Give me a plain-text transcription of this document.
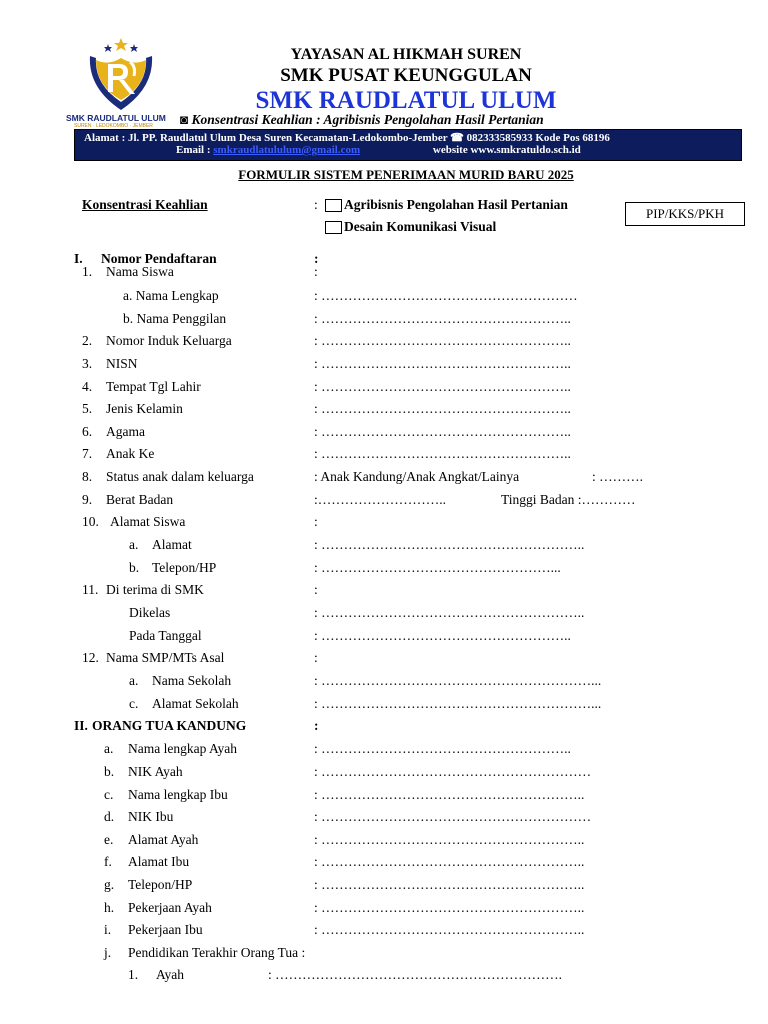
SMK RAUDLATUL ULUM
SUREN · LEDOKOMBO · JEMBER
YAYASAN AL HIKMAH SUREN
SMK PUSAT KEUNGGULAN
SMK RAUDLATUL ULUM
◙ Konsentrasi Keahlian : Agribisnis Pengolahan Hasil Pertanian
Alamat : Jl. PP. Raudlatul Ulum Desa Suren Kecamatan-Ledokombo-Jember ☎ 082333585933 Kode Pos 68196
Email : smkraudlatululum@gmail.com	website www.smkratuldo.sch.id
FORMULIR SISTEM PENERIMAAN MURID BARU 2025
Konsentrasi Keahlian	: Agribisnis Pengolahan Hasil Pertanian
Desain Komunikasi Visual
PIP/KKS/PKH
I. Nomor Pendaftaran	:
1. Nama Siswa	:
a. Nama Lengkap	: …………………………………………………
b. Nama Penggilan	: ………………………………………………..
2. Nomor Induk Keluarga	: ………………………………………………..
3. NISN	: ………………………………………………..
4. Tempat Tgl Lahir	: ………………………………………………..
5. Jenis Kelamin	: ………………………………………………..
6. Agama	: ………………………………………………..
7. Anak Ke	: ………………………………………………..
8. Status anak dalam keluarga	: Anak Kandung/Anak Angkat/Lainya	: ……….
9. Berat Badan	:………………………..	Tinggi Badan :…………
10. Alamat Siswa	:
a. Alamat	: …………………………………………………..
b. Telepon/HP	: ……………………………………………...
11. Di terima di SMK	:
Dikelas	: …………………………………………………..
Pada Tanggal	: ………………………………………………..
12. Nama SMP/MTs Asal	:
a. Nama Sekolah	: ……………………………………………………...
c. Alamat Sekolah	: ……………………………………………………...
II. ORANG TUA KANDUNG	:
a. Nama lengkap Ayah	: ………………………………………………..
b. NIK Ayah	: ……………………………………………………
c. Nama lengkap Ibu	: …………………………………………………..
d. NIK Ibu	: ……………………………………………………
e. Alamat Ayah	: …………………………………………………..
f. Alamat Ibu	: …………………………………………………..
g. Telepon/HP	: …………………………………………………..
h. Pekerjaan Ayah	: …………………………………………………..
i. Pekerjaan Ibu	: …………………………………………………..
j. Pendidikan Terakhir Orang Tua :
1. Ayah	: ……………………………………………………….
